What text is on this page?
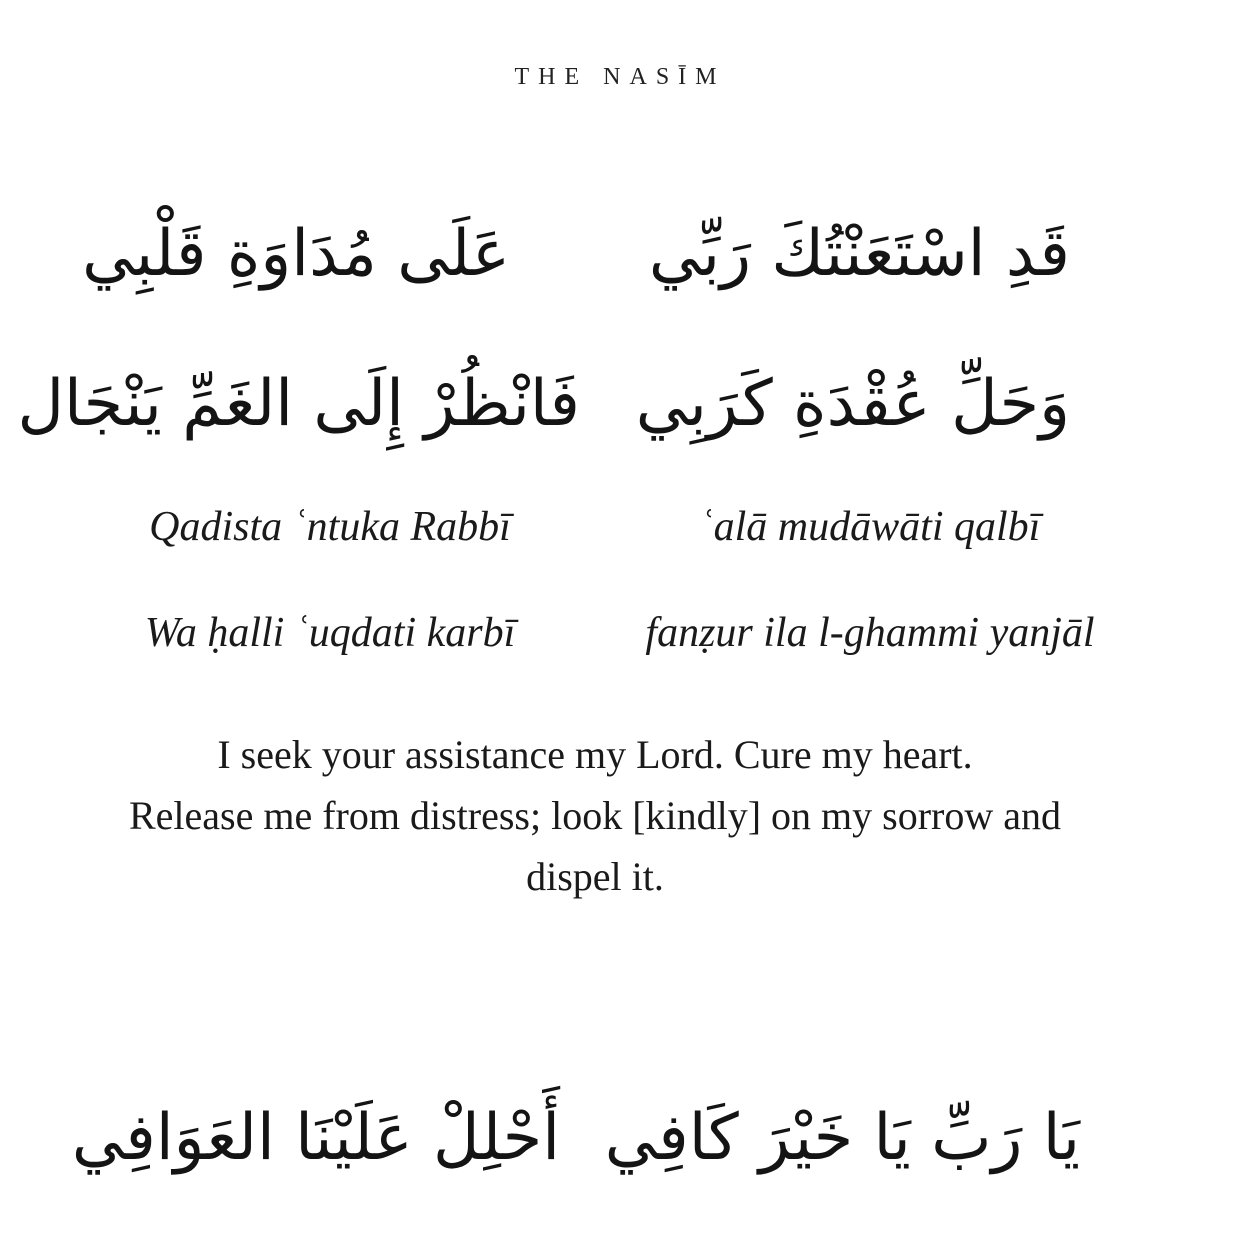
THE NASĪM
قَدِ اسْتَعَنْتُكَ رَبِّي
عَلَى مُدَاوَةِ قَلْبِي
وَحَلِّ عُقْدَةِ كَرَبِي
فَانْظُرْ إِلَى الغَمِّ يَنْجَال
Qadista ʿntuka Rabbī	ʿalā mudāwāti qalbī
Wa ḥalli ʿuqdati karbī	fanẓur ila l-ghammi yanjāl
I seek your assistance my Lord. Cure my heart.
Release me from distress; look [kindly] on my sorrow and
dispel it.
يَا رَبِّ يَا خَيْرَ كَافِي
أَحْلِلْ عَلَيْنَا العَوَافِي
